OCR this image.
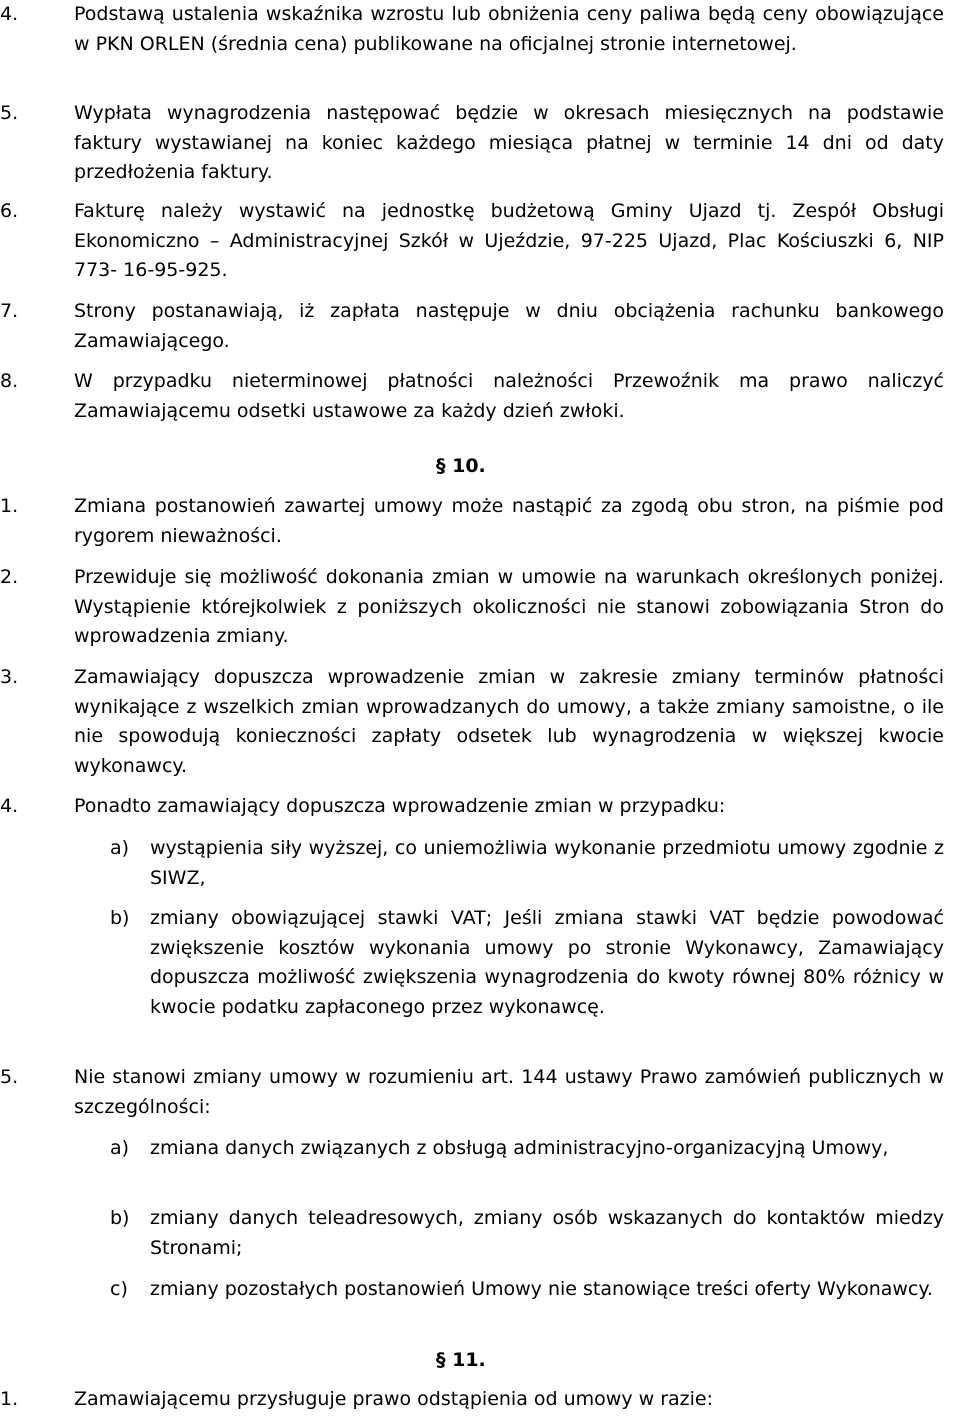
4.	Podstawą ustalenia wskaźnika wzrostu lub obniżenia ceny paliwa będą ceny obowiązujące w PKN ORLEN (średnia cena) publikowane na oficjalnej stronie internetowej.
5.	Wypłata wynagrodzenia następować będzie w okresach miesięcznych na podstawie faktury wystawianej na koniec każdego miesiąca płatnej w terminie 14 dni od daty przedłożenia faktury.
6.	Fakturę należy wystawić na jednostkę budżetową Gminy Ujazd tj. Zespół Obsługi Ekonomiczno – Administracyjnej Szkół w Ujeździe, 97-225 Ujazd, Plac Kościuszki 6, NIP 773- 16-95-925.
7.	Strony postanawiają, iż zapłata następuje w dniu obciążenia rachunku bankowego Zamawiającego.
8.	W przypadku nieterminowej płatności należności Przewoźnik ma prawo naliczyć Zamawiającemu odsetki ustawowe za każdy dzień zwłoki.
§ 10.
1.	Zmiana postanowień zawartej umowy może nastąpić za zgodą obu stron, na piśmie pod rygorem nieważności.
2.	Przewiduje się możliwość dokonania zmian w umowie na warunkach określonych poniżej. Wystąpienie którejkolwiek z poniższych okoliczności nie stanowi zobowiązania Stron do wprowadzenia zmiany.
3.	Zamawiający dopuszcza wprowadzenie zmian w zakresie zmiany terminów płatności wynikające z wszelkich zmian wprowadzanych do umowy, a także zmiany samoistne, o ile nie spowodują konieczności zapłaty odsetek lub wynagrodzenia w większej kwocie wykonawcy.
4.	Ponadto zamawiający dopuszcza wprowadzenie zmian w przypadku:
a)	wystąpienia siły wyższej, co uniemożliwia wykonanie przedmiotu umowy zgodnie z SIWZ,
b)	zmiany obowiązującej stawki VAT; Jeśli zmiana stawki VAT będzie powodować zwiększenie kosztów wykonania umowy po stronie Wykonawcy, Zamawiający dopuszcza możliwość zwiększenia wynagrodzenia do kwoty równej 80% różnicy w kwocie podatku zapłaconego przez wykonawcę.
5.	Nie stanowi zmiany umowy w rozumieniu art. 144 ustawy Prawo zamówień publicznych w szczególności:
a)	zmiana danych związanych z obsługą administracyjno-organizacyjną Umowy,
b)	zmiany danych teleadresowych, zmiany osób wskazanych do kontaktów miedzy Stronami;
c)	zmiany pozostałych postanowień Umowy nie stanowiące treści oferty Wykonawcy.
§ 11.
1.	Zamawiającemu przysługuje prawo odstąpienia od umowy w razie:
